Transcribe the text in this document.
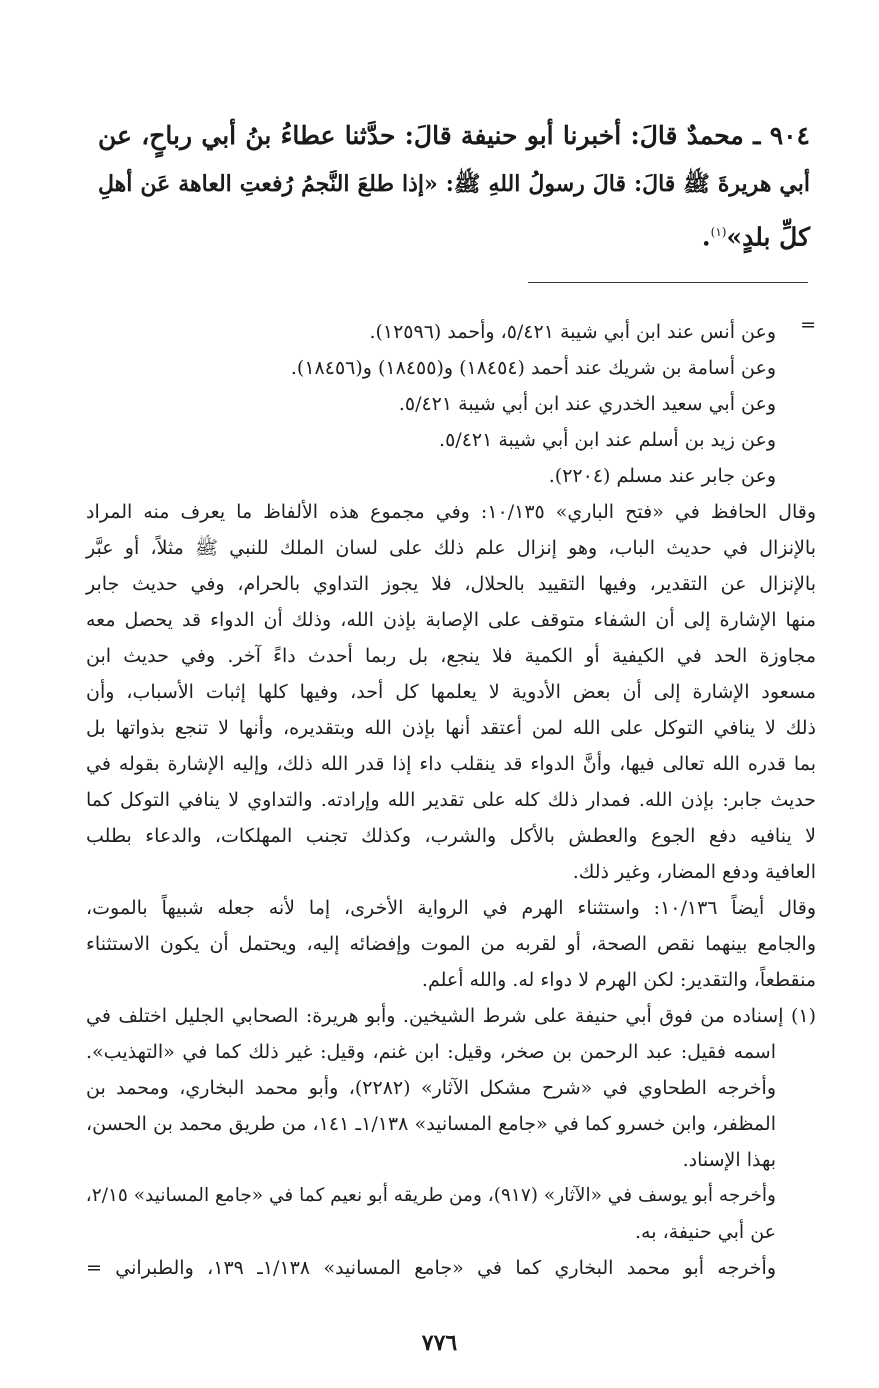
٩٠٤ ـ محمدٌ قالَ: أخبرنا أبو حنيفة قالَ: حدَّثنا عطاءُ بنُ أبي رباحٍ، عن
أبي هريرةَ ﷺ قالَ: قالَ رسولُ اللهِ ﷺ: «إذا طلعَ النَّجمُ رُفعتِ العاهة عَن أهلِ
كلِّ بلدٍ»$^{(١)}$.
=
وعن أنس عند ابن أبي شيبة ٥/٤٢١، وأحمد (١٢٥٩٦).
وعن أسامة بن شريك عند أحمد (١٨٤٥٤) و(١٨٤٥٥) و(١٨٤٥٦).
وعن أبي سعيد الخدري عند ابن أبي شيبة ٥/٤٢١.
وعن زيد بن أسلم عند ابن أبي شيبة ٥/٤٢١.
وعن جابر عند مسلم (٢٢٠٤).
وقال الحافظ في «فتح الباري» ١٠/١٣٥: وفي مجموع هذه الألفاظ ما يعرف منه المراد
بالإنزال في حديث الباب، وهو إنزال علم ذلك على لسان الملك للنبي ﷺ مثلاً، أو عبَّر
بالإنزال عن التقدير، وفيها التقييد بالحلال، فلا يجوز التداوي بالحرام، وفي حديث جابر
منها الإشارة إلى أن الشفاء متوقف على الإصابة بإذن الله، وذلك أن الدواء قد يحصل معه
مجاوزة الحد في الكيفية أو الكمية فلا ينجع، بل ربما أحدث داءً آخر. وفي حديث ابن
مسعود الإشارة إلى أن بعض الأدوية لا يعلمها كل أحد، وفيها كلها إثبات الأسباب، وأن
ذلك لا ينافي التوكل على الله لمن أعتقد أنها بإذن الله وبتقديره، وأنها لا تنجع بذواتها بل
بما قدره الله تعالى فيها، وأنَّ الدواء قد ينقلب داء إذا قدر الله ذلك، وإليه الإشارة بقوله في
حديث جابر: بإذن الله. فمدار ذلك كله على تقدير الله وإرادته. والتداوي لا ينافي التوكل كما
لا ينافيه دفع الجوع والعطش بالأكل والشرب، وكذلك تجنب المهلكات، والدعاء بطلب
العافية ودفع المضار، وغير ذلك.
وقال أيضاً ١٠/١٣٦: واستثناء الهرم في الرواية الأخرى، إما لأنه جعله شبيهاً بالموت،
والجامع بينهما نقص الصحة، أو لقربه من الموت وإفضائه إليه، ويحتمل أن يكون الاستثناء
منقطعاً، والتقدير: لكن الهرم لا دواء له. والله أعلم.
(١) إسناده من فوق أبي حنيفة على شرط الشيخين. وأبو هريرة: الصحابي الجليل اختلف في
اسمه فقيل: عبد الرحمن بن صخر، وقيل: ابن غنم، وقيل: غير ذلك كما في «التهذيب».
وأخرجه الطحاوي في «شرح مشكل الآثار» (٢٢٨٢)، وأبو محمد البخاري، ومحمد بن
المظفر، وابن خسرو كما في «جامع المسانيد» ١/١٣٨ـ ١٤١، من طريق محمد بن الحسن،
بهذا الإسناد.
وأخرجه أبو يوسف في «الآثار» (٩١٧)، ومن طريقه أبو نعيم كما في «جامع المسانيد» ٢/١٥،
عن أبي حنيفة، به.
وأخرجه أبو محمد البخاري كما في «جامع المسانيد» ١/١٣٨ـ ١٣٩، والطبراني =
٧٧٦
